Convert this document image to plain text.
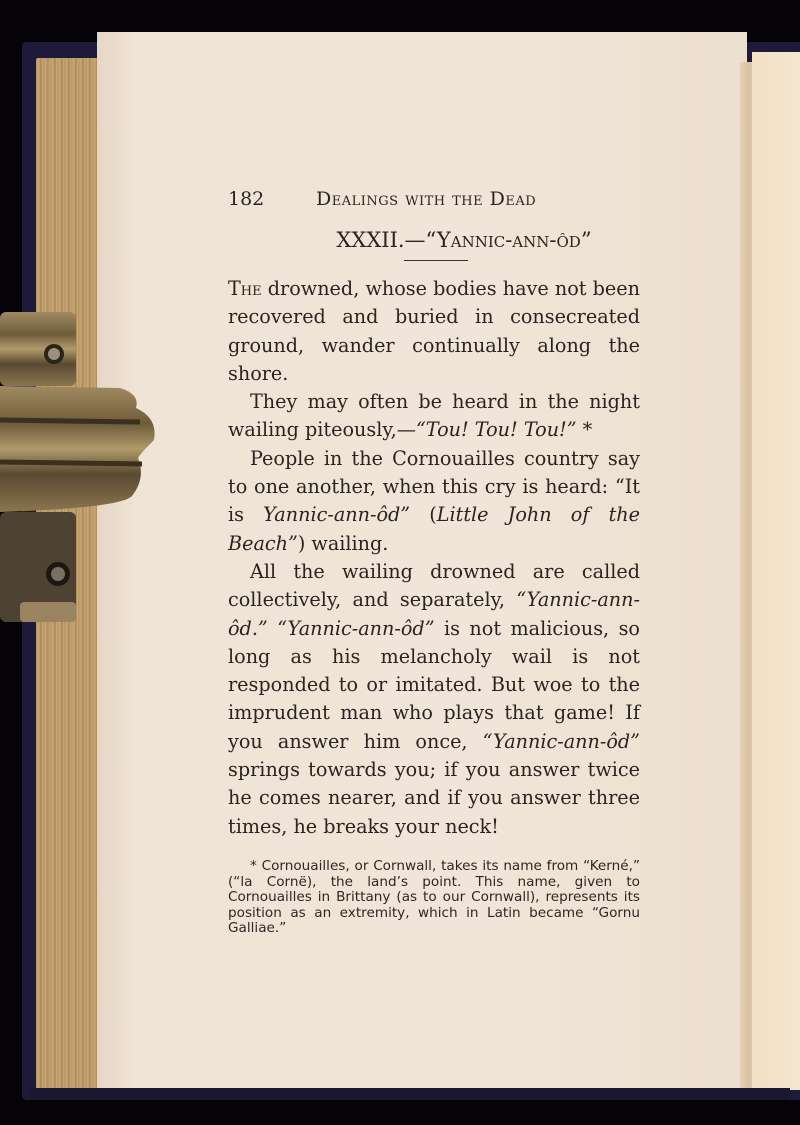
182	Dealings with the Dead
XXXII.—“Yannic-ann-ôd”

The drowned, whose bodies have not been recovered and buried in consecreated ground, wander continually along the shore.

They may often be heard in the night wailing piteously,—“Tou! Tou! Tou!” *

People in the Cornouailles country say to one another, when this cry is heard: “It is Yannic-ann-ôd” (Little John of the Beach”) wailing.

All the wailing drowned are called collectively, and separately, “Yannic-ann-ôd.” “Yannic-ann-ôd” is not malicious, so long as his melancholy wail is not responded to or imitated. But woe to the imprudent man who plays that game! If you answer him once, “Yannic-ann-ôd” springs towards you; if you answer twice he comes nearer, and if you answer three times, he breaks your neck!

* Cornouailles, or Cornwall, takes its name from “Kerné,” (“la Cornë), the land’s point. This name, given to Cornouailles in Brittany (as to our Cornwall), represents its position as an extremity, which in Latin became “Gornu Galliae.”
